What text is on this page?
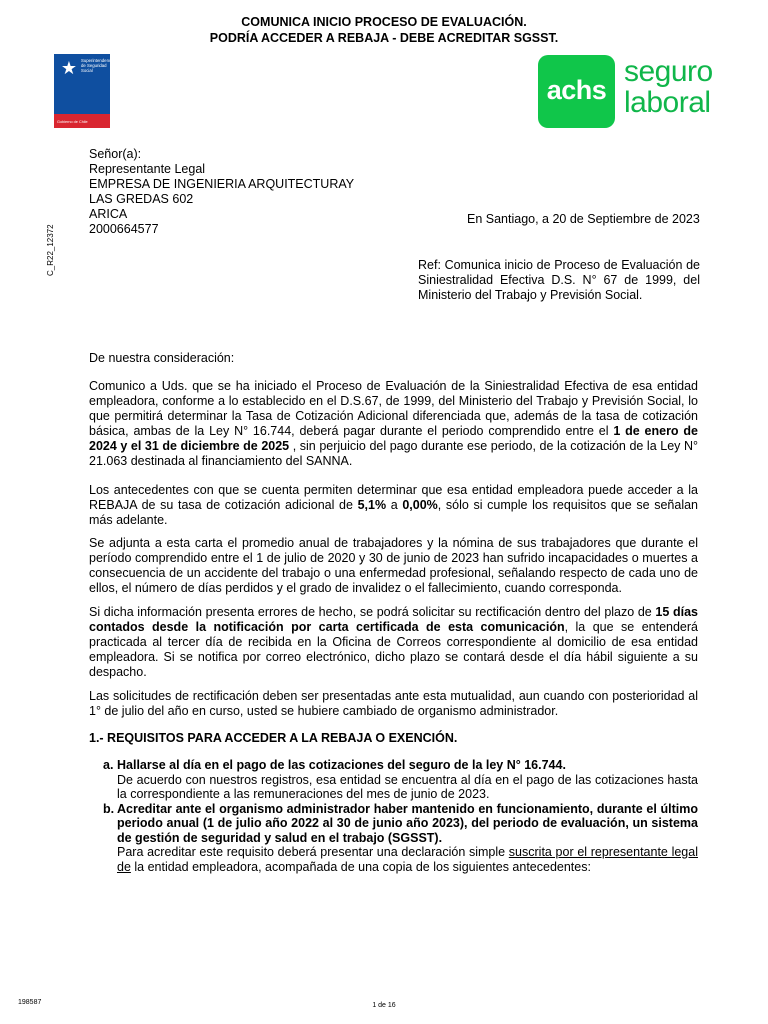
COMUNICA INICIO PROCESO DE EVALUACIÓN.
PODRÍA ACCEDER A REBAJA - DEBE ACREDITAR SGSST.
★ Superintendencia de Seguridad Social
Gobierno de Chile
achs
seguro
laboral
Señor(a):
Representante Legal
EMPRESA DE INGENIERIA ARQUITECTURAY
LAS GREDAS 602
ARICA
2000664577
C_R22_12372
En Santiago, a 20 de Septiembre de 2023
Ref: Comunica inicio de Proceso de Evaluación de Siniestralidad Efectiva D.S. N° 67 de 1999, del Ministerio del Trabajo y Previsión Social.
De nuestra consideración:

Comunico a Uds. que se ha iniciado el Proceso de Evaluación de la Siniestralidad Efectiva de esa entidad empleadora, conforme a lo establecido en el D.S.67, de 1999, del Ministerio del Trabajo y Previsión Social, lo que permitirá determinar la Tasa de Cotización Adicional diferenciada que, además de la tasa de cotización básica, ambas de la Ley N° 16.744, deberá pagar durante el periodo comprendido entre el 1 de enero de 2024 y el 31 de diciembre de 2025 , sin perjuicio del pago durante ese periodo, de la cotización de la Ley N° 21.063 destinada al financiamiento del SANNA.

Los antecedentes con que se cuenta permiten determinar que esa entidad empleadora puede acceder a la REBAJA de su tasa de cotización adicional de 5,1% a 0,00%, sólo si cumple los requisitos que se señalan más adelante.

Se adjunta a esta carta el promedio anual de trabajadores y la nómina de sus trabajadores que durante el período comprendido entre el 1 de julio de 2020 y 30 de junio de 2023 han sufrido incapacidades o muertes a consecuencia de un accidente del trabajo o una enfermedad profesional, señalando respecto de cada uno de ellos, el número de días perdidos y el grado de invalidez o el fallecimiento, cuando corresponda.

Si dicha información presenta errores de hecho, se podrá solicitar su rectificación dentro del plazo de 15 días contados desde la notificación por carta certificada de esta comunicación, la que se entenderá practicada al tercer día de recibida en la Oficina de Correos correspondiente al domicilio de esa entidad empleadora. Si se notifica por correo electrónico, dicho plazo se contará desde el día hábil siguiente a su despacho.

Las solicitudes de rectificación deben ser presentadas ante esta mutualidad, aun cuando con posterioridad al 1° de julio del año en curso, usted se hubiere cambiado de organismo administrador.

1.- REQUISITOS PARA ACCEDER A LA REBAJA O EXENCIÓN.
a. Hallarse al día en el pago de las cotizaciones del seguro de la ley N° 16.744.
De acuerdo con nuestros registros, esa entidad se encuentra al día en el pago de las cotizaciones hasta la correspondiente a las remuneraciones del mes de junio de 2023.
b. Acreditar ante el organismo administrador haber mantenido en funcionamiento, durante el último periodo anual (1 de julio año 2022 al 30 de junio año 2023), del periodo de evaluación, un sistema de gestión de seguridad y salud en el trabajo (SGSST).
Para acreditar este requisito deberá presentar una declaración simple suscrita por el representante legal de la entidad empleadora, acompañada de una copia de los siguientes antecedentes:
198587	1 de 16
